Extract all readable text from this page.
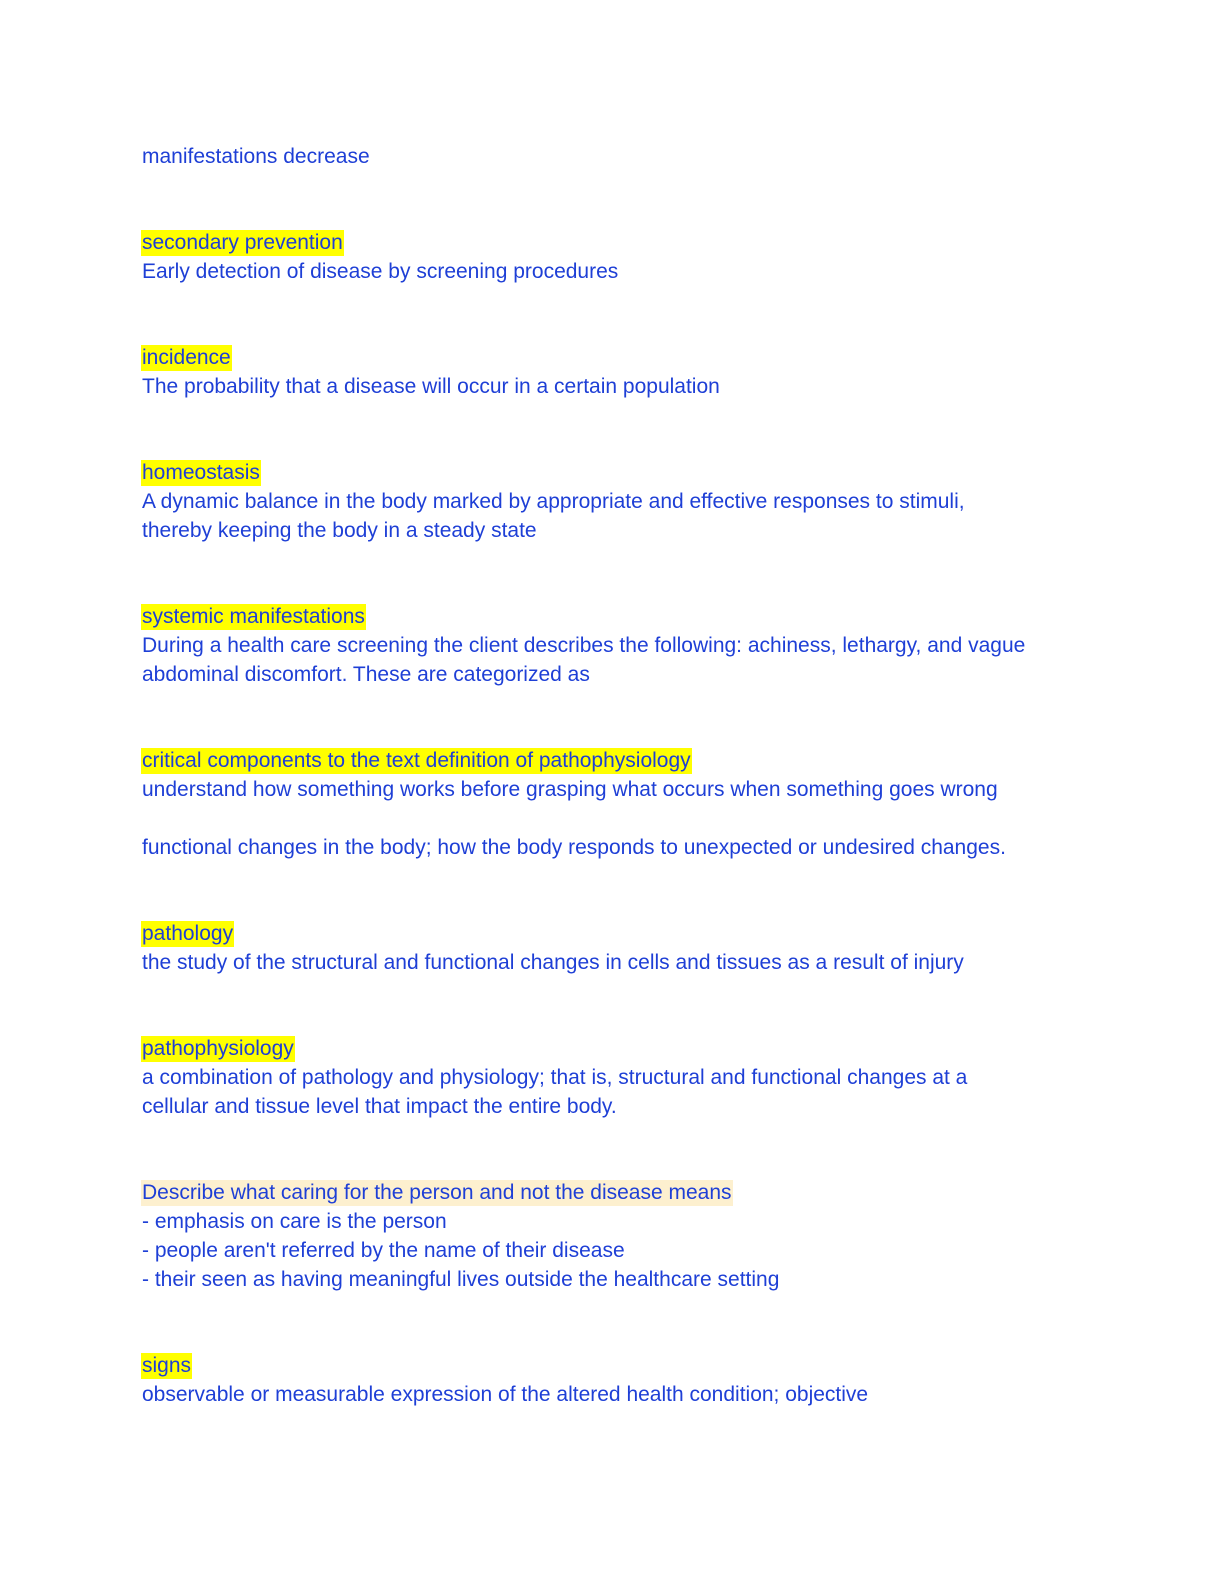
manifestations decrease
secondary prevention
Early detection of disease by screening procedures
incidence
The probability that a disease will occur in a certain population
homeostasis
A dynamic balance in the body marked by appropriate and effective responses to stimuli,
thereby keeping the body in a steady state
systemic manifestations
During a health care screening the client describes the following: achiness, lethargy, and vague
abdominal discomfort. These are categorized as
critical components to the text definition of pathophysiology
understand how something works before grasping what occurs when something goes wrong
functional changes in the body; how the body responds to unexpected or undesired changes.
pathology
the study of the structural and functional changes in cells and tissues as a result of injury
pathophysiology
a combination of pathology and physiology; that is, structural and functional changes at a
cellular and tissue level that impact the entire body.
Describe what caring for the person and not the disease means
- emphasis on care is the person
- people aren't referred by the name of their disease
- their seen as having meaningful lives outside the healthcare setting
signs
observable or measurable expression of the altered health condition; objective
